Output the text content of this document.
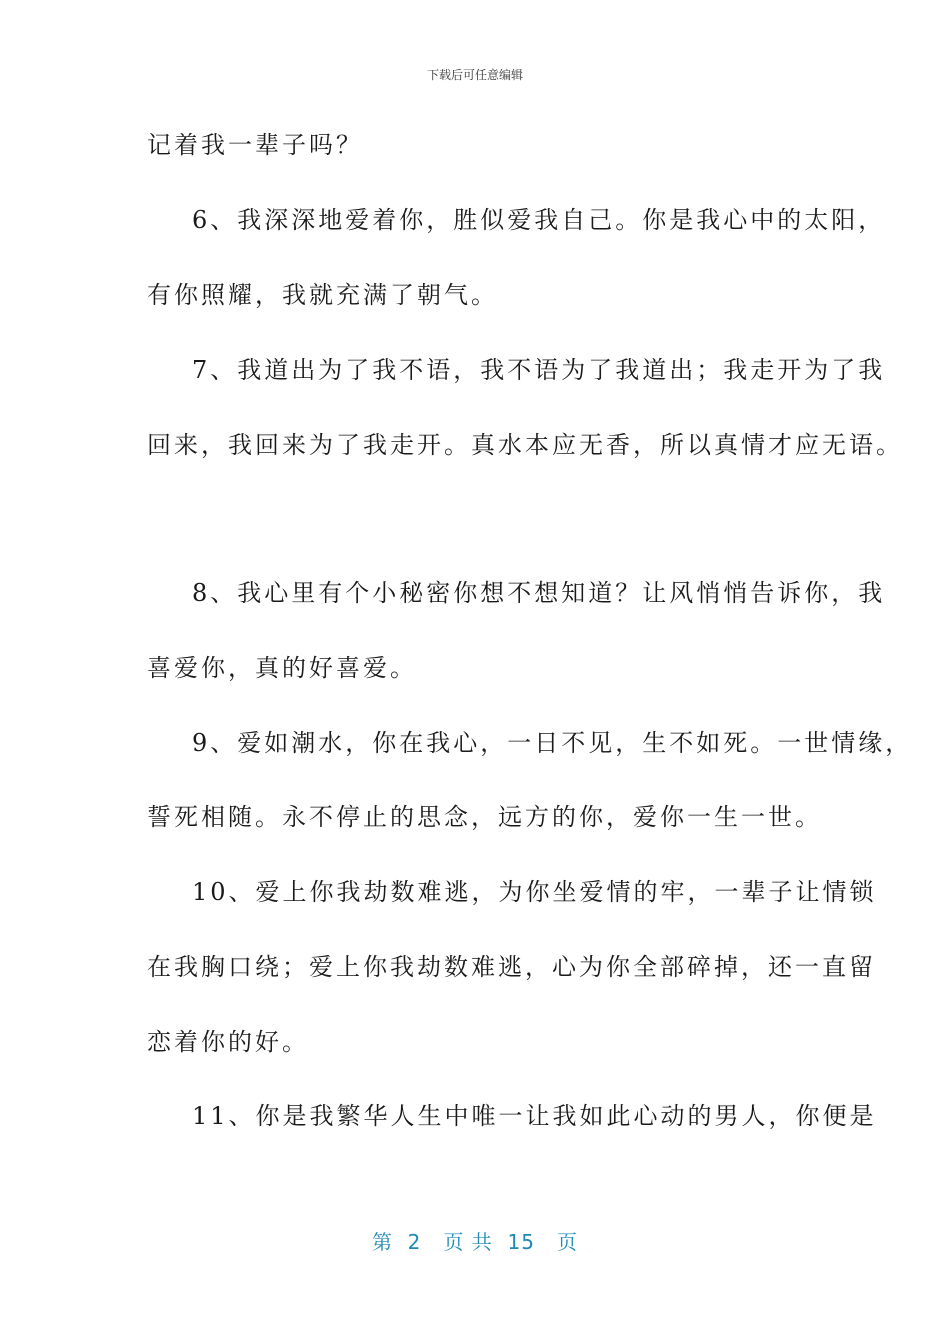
下载后可任意编辑
记着我一辈子吗？
6、我深深地爱着你，胜似爱我自己。你是我心中的太阳，
有你照耀，我就充满了朝气。
7、我道出为了我不语，我不语为了我道出；我走开为了我
回来，我回来为了我走开。真水本应无香，所以真情才应无语。
8、我心里有个小秘密你想不想知道？让风悄悄告诉你，我
喜爱你，真的好喜爱。
9、爱如潮水，你在我心，一日不见，生不如死。一世情缘，
誓死相随。永不停止的思念，远方的你，爱你一生一世。
10、爱上你我劫数难逃，为你坐爱情的牢，一辈子让情锁
在我胸口绕；爱上你我劫数难逃，心为你全部碎掉，还一直留
恋着你的好。
11、你是我繁华人生中唯一让我如此心动的男人，你便是
第  2   页 共  15   页
